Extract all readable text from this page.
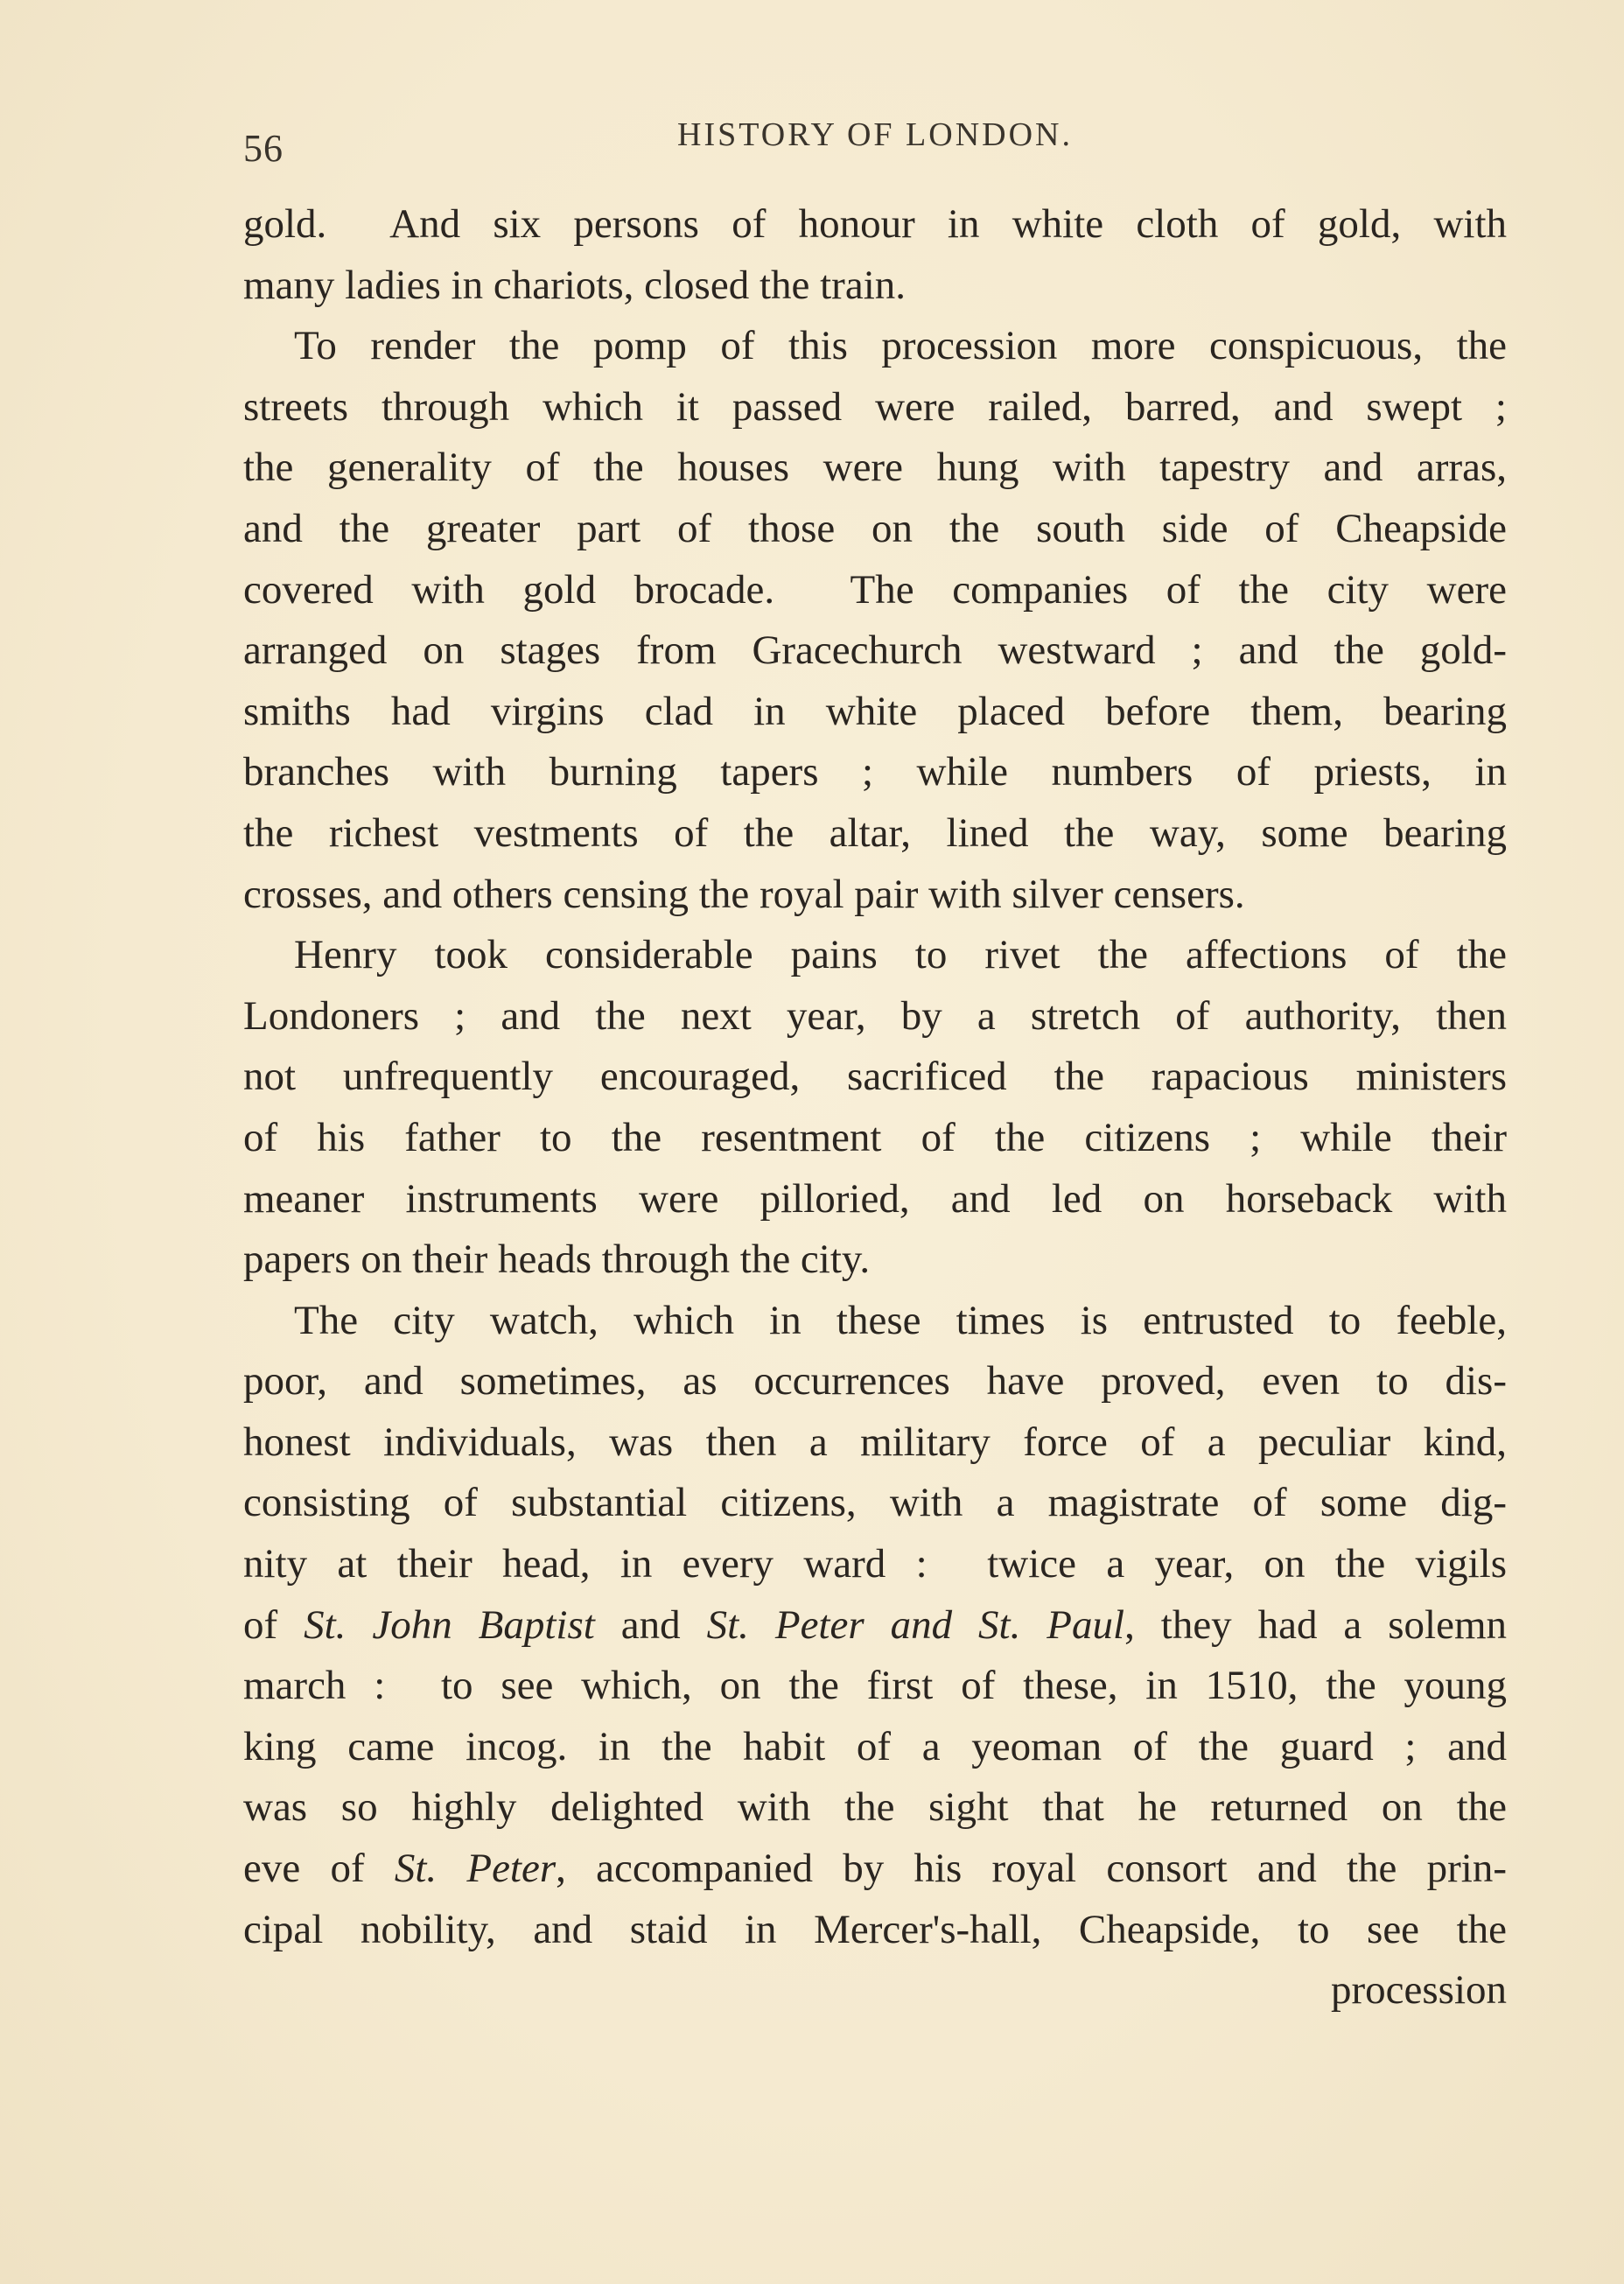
56	HISTORY OF LONDON.
gold.  And six persons of honour in white cloth of gold, with
many ladies in chariots, closed the train.
To render the pomp of this procession more conspicuous, the
streets through which it passed were railed, barred, and swept ;
the generality of the houses were hung with tapestry and arras,
and the greater part of those on the south side of Cheapside
covered with gold brocade.  The companies of the city were
arranged on stages from Gracechurch westward ; and the gold-
smiths had virgins clad in white placed before them, bearing
branches with burning tapers ; while numbers of priests, in
the richest vestments of the altar, lined the way, some bearing
crosses, and others censing the royal pair with silver censers.
Henry took considerable pains to rivet the affections of the
Londoners ; and the next year, by a stretch of authority, then
not unfrequently encouraged, sacrificed the rapacious ministers
of his father to the resentment of the citizens ; while their
meaner instruments were pilloried, and led on horseback with
papers on their heads through the city.
The city watch, which in these times is entrusted to feeble,
poor, and sometimes, as occurrences have proved, even to dis-
honest individuals, was then a military force of a peculiar kind,
consisting of substantial citizens, with a magistrate of some dig-
nity at their head, in every ward :  twice a year, on the vigils
of St. John Baptist and St. Peter and St. Paul , they had a solemn
march :  to see which, on the first of these, in 1510, the young
king came incog. in the habit of a yeoman of the guard ; and
was so highly delighted with the sight that he returned on the
eve of St. Peter , accompanied by his royal consort and the prin-
cipal nobility, and staid in Mercer's-hall, Cheapside, to see the
procession
